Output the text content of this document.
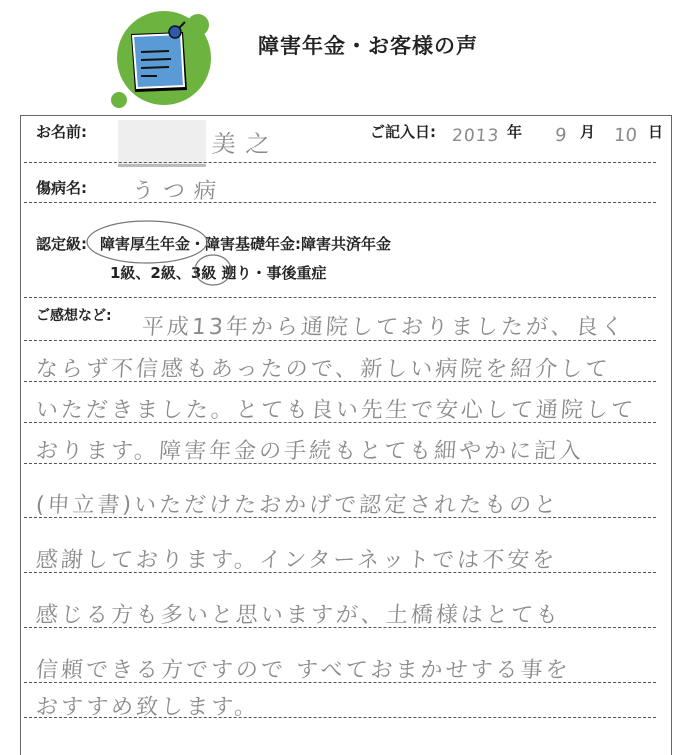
障害年金・お客様の声
お名前:	美之	ご記入日: 2013 年 9 月 10 日
傷病名: うつ病
認定級: 障害厚生年金・障害基礎年金:障害共済年金
1級、2級、3級 遡り・事後重症
ご感想など: 平成13年から通院しておりましたが、良く
ならず不信感もあったので、新しい病院を紹介して
いただきました。とても良い先生で安心して通院して
おります。障害年金の手続もとても細やかに記入
(申立書)いただけたおかげで認定されたものと
感謝しております。インターネットでは不安を
感じる方も多いと思いますが、土橋様はとても
信頼できる方ですので すべておまかせする事を
おすすめ致します。
